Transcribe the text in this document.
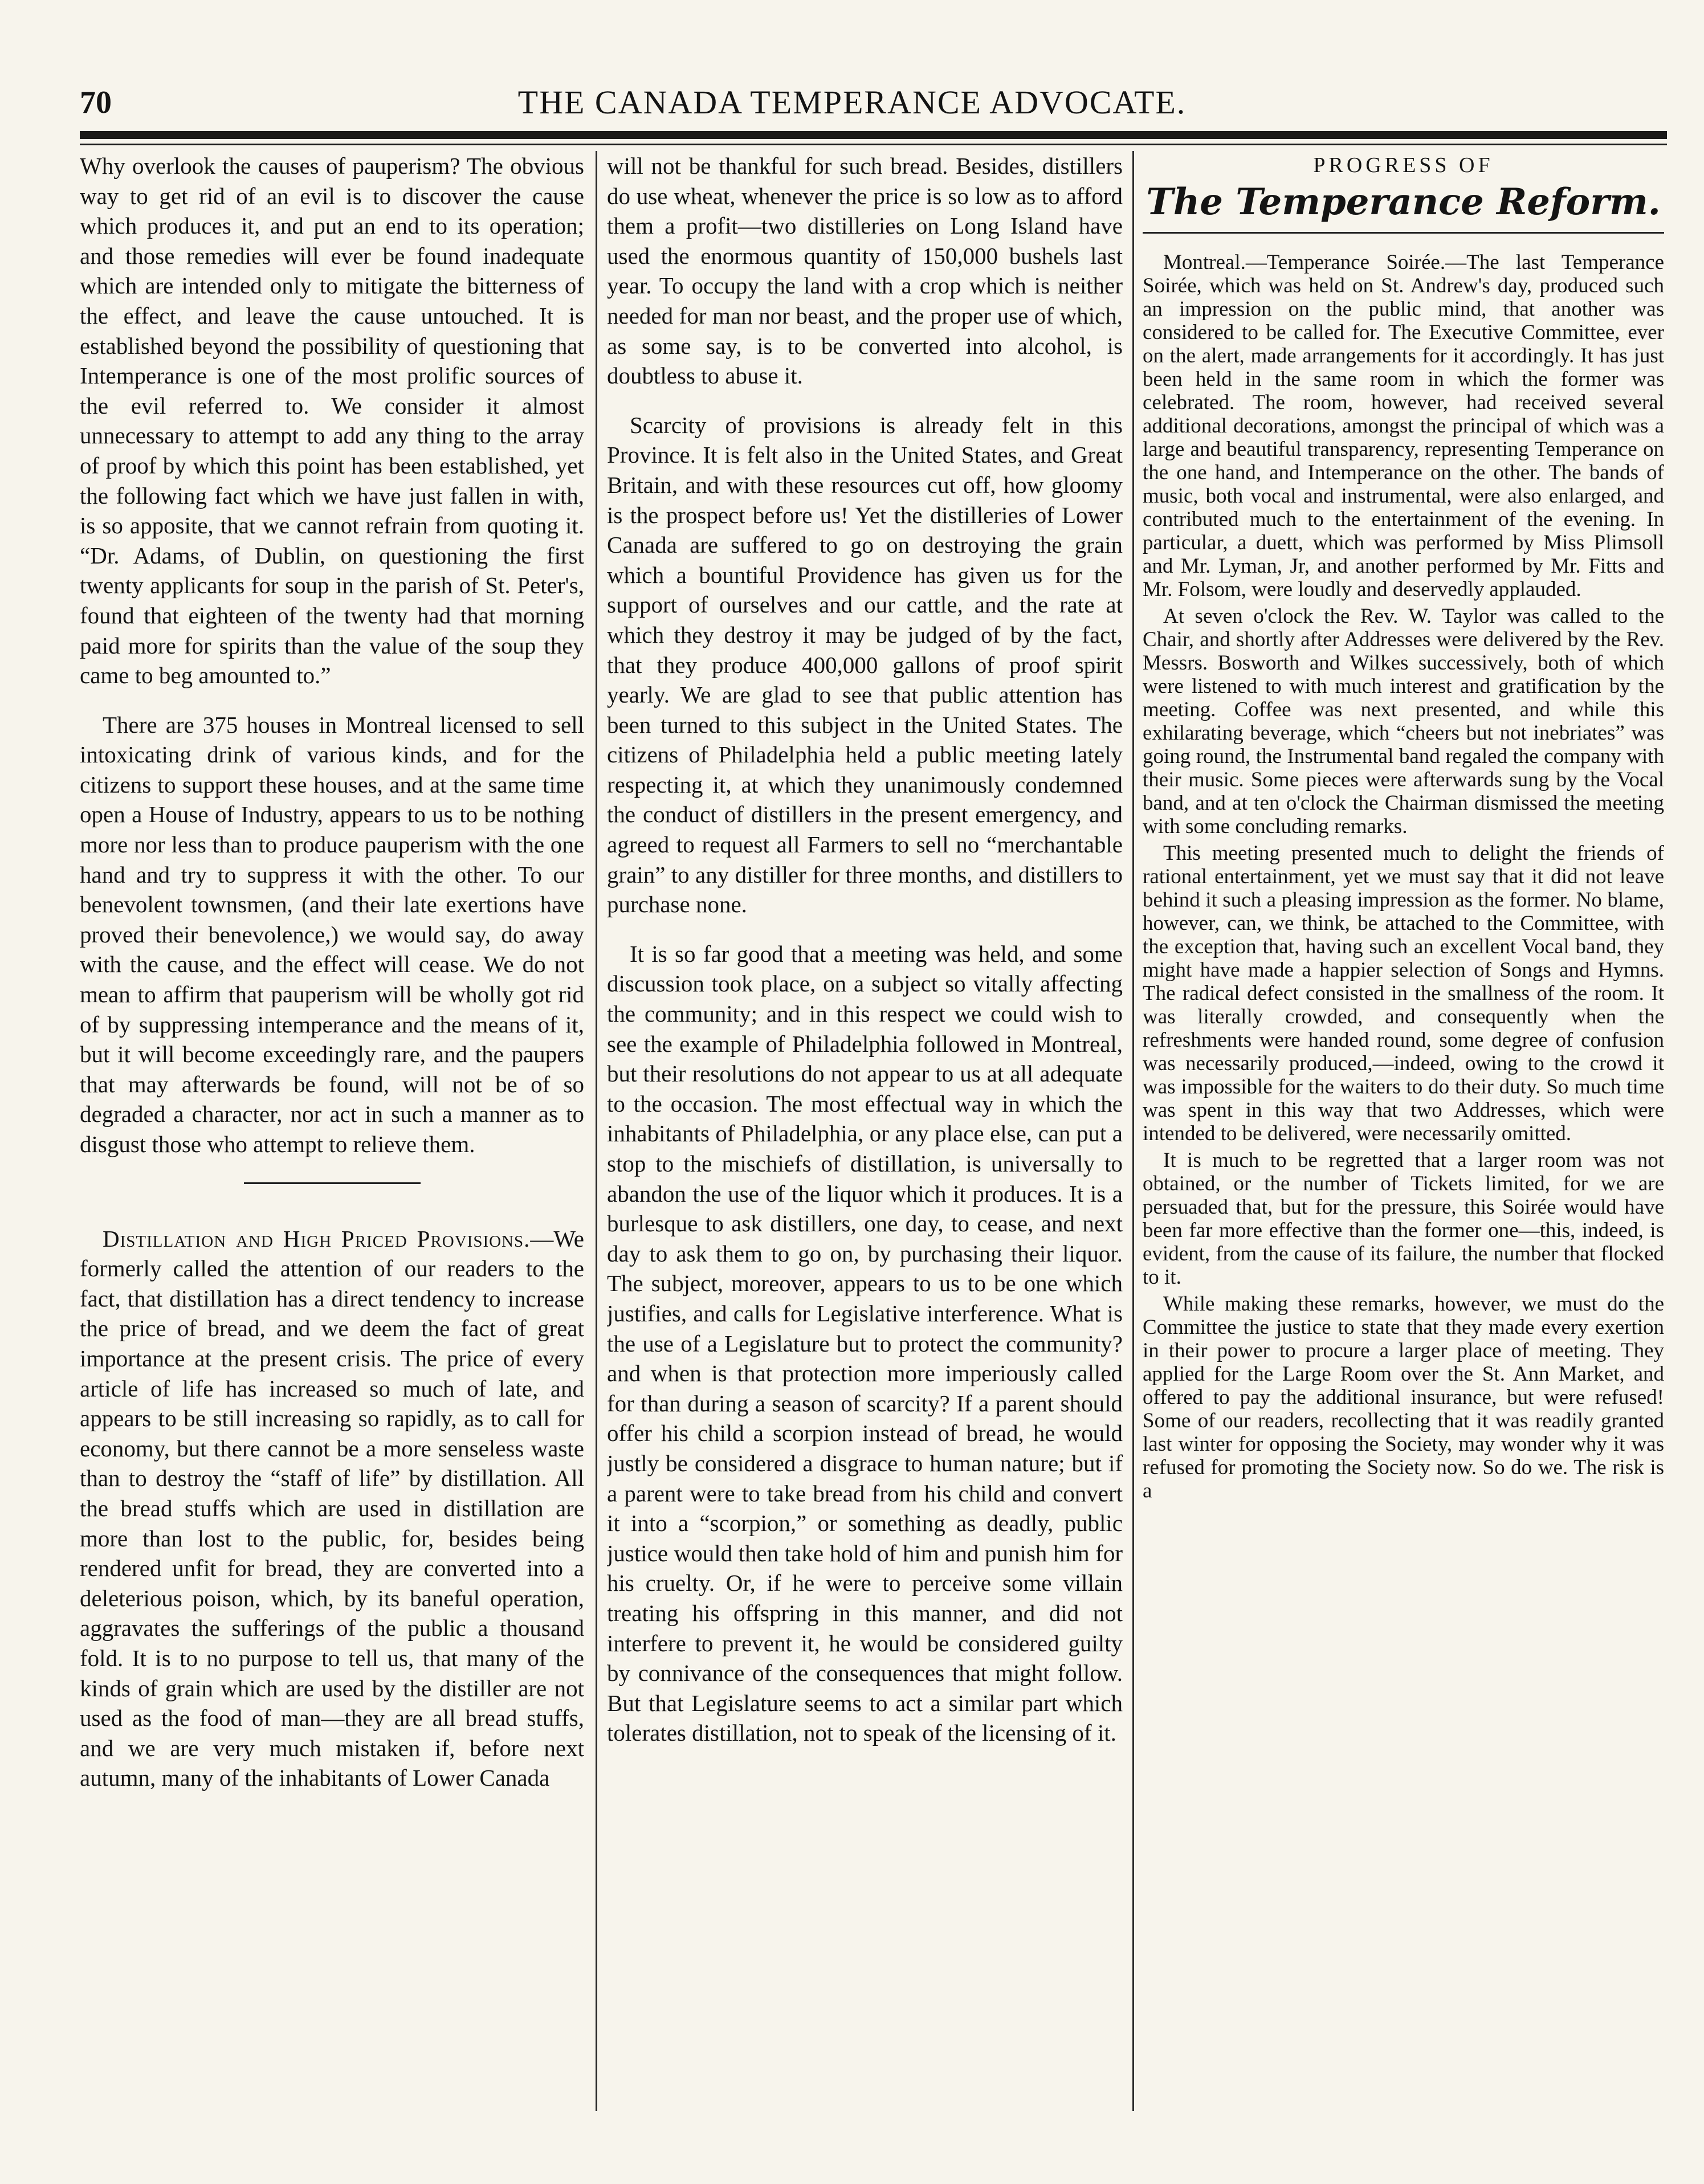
70	THE CANADA TEMPERANCE ADVOCATE.

Why overlook the causes of pauperism? The obvious way to get rid of an evil is to discover the cause which produces it, and put an end to its operation; and those remedies will ever be found inadequate which are intended only to mitigate the bitterness of the effect, and leave the cause untouched. It is established beyond the possibility of questioning that Intemperance is one of the most prolific sources of the evil referred to. We consider it almost unnecessary to attempt to add any thing to the array of proof by which this point has been established, yet the following fact which we have just fallen in with, is so apposite, that we cannot refrain from quoting it. “Dr. Adams, of Dublin, on questioning the first twenty applicants for soup in the parish of St. Peter's, found that eighteen of the twenty had that morning paid more for spirits than the value of the soup they came to beg amounted to.”

There are 375 houses in Montreal licensed to sell intoxicating drink of various kinds, and for the citizens to support these houses, and at the same time open a House of Industry, appears to us to be nothing more nor less than to produce pauperism with the one hand and try to suppress it with the other. To our benevolent townsmen, (and their late exertions have proved their benevolence,) we would say, do away with the cause, and the effect will cease. We do not mean to affirm that pauperism will be wholly got rid of by suppressing intemperance and the means of it, but it will become exceedingly rare, and the paupers that may afterwards be found, will not be of so degraded a character, nor act in such a manner as to disgust those who attempt to relieve them.

Distillation and High Priced Provisions.—We formerly called the attention of our readers to the fact, that distillation has a direct tendency to increase the price of bread, and we deem the fact of great importance at the present crisis. The price of every article of life has increased so much of late, and appears to be still increasing so rapidly, as to call for economy, but there cannot be a more senseless waste than to destroy the “staff of life” by distillation. All the bread stuffs which are used in distillation are more than lost to the public, for, besides being rendered unfit for bread, they are converted into a deleterious poison, which, by its baneful operation, aggravates the sufferings of the public a thousand fold. It is to no purpose to tell us, that many of the kinds of grain which are used by the distiller are not used as the food of man—they are all bread stuffs, and we are very much mistaken if, before next autumn, many of the inhabitants of Lower Canada

will not be thankful for such bread. Besides, distillers do use wheat, whenever the price is so low as to afford them a profit—two distilleries on Long Island have used the enormous quantity of 150,000 bushels last year. To occupy the land with a crop which is neither needed for man nor beast, and the proper use of which, as some say, is to be converted into alcohol, is doubtless to abuse it.

Scarcity of provisions is already felt in this Province. It is felt also in the United States, and Great Britain, and with these resources cut off, how gloomy is the prospect before us! Yet the distilleries of Lower Canada are suffered to go on destroying the grain which a bountiful Providence has given us for the support of ourselves and our cattle, and the rate at which they destroy it may be judged of by the fact, that they produce 400,000 gallons of proof spirit yearly. We are glad to see that public attention has been turned to this subject in the United States. The citizens of Philadelphia held a public meeting lately respecting it, at which they unanimously condemned the conduct of distillers in the present emergency, and agreed to request all Farmers to sell no “merchantable grain” to any distiller for three months, and distillers to purchase none.

It is so far good that a meeting was held, and some discussion took place, on a subject so vitally affecting the community; and in this respect we could wish to see the example of Philadelphia followed in Montreal, but their resolutions do not appear to us at all adequate to the occasion. The most effectual way in which the inhabitants of Philadelphia, or any place else, can put a stop to the mischiefs of distillation, is universally to abandon the use of the liquor which it produces. It is a burlesque to ask distillers, one day, to cease, and next day to ask them to go on, by purchasing their liquor. The subject, moreover, appears to us to be one which justifies, and calls for Legislative interference. What is the use of a Legislature but to protect the community? and when is that protection more imperiously called for than during a season of scarcity? If a parent should offer his child a scorpion instead of bread, he would justly be considered a disgrace to human nature; but if a parent were to take bread from his child and convert it into a “scorpion,” or something as deadly, public justice would then take hold of him and punish him for his cruelty. Or, if he were to perceive some villain treating his offspring in this manner, and did not interfere to prevent it, he would be considered guilty by connivance of the consequences that might follow. But that Legislature seems to act a similar part which tolerates distillation, not to speak of the licensing of it.

PROGRESS OF
The Temperance Reform.

Montreal.—Temperance Soirée.—The last Temperance Soirée, which was held on St. Andrew's day, produced such an impression on the public mind, that another was considered to be called for. The Executive Committee, ever on the alert, made arrangements for it accordingly. It has just been held in the same room in which the former was celebrated. The room, however, had received several additional decorations, amongst the principal of which was a large and beautiful transparency, representing Temperance on the one hand, and Intemperance on the other. The bands of music, both vocal and instrumental, were also enlarged, and contributed much to the entertainment of the evening. In particular, a duett, which was performed by Miss Plimsoll and Mr. Lyman, Jr, and another performed by Mr. Fitts and Mr. Folsom, were loudly and deservedly applauded.

At seven o'clock the Rev. W. Taylor was called to the Chair, and shortly after Addresses were delivered by the Rev. Messrs. Bosworth and Wilkes successively, both of which were listened to with much interest and gratification by the meeting. Coffee was next presented, and while this exhilarating beverage, which “cheers but not inebriates” was going round, the Instrumental band regaled the company with their music. Some pieces were afterwards sung by the Vocal band, and at ten o'clock the Chairman dismissed the meeting with some concluding remarks.

This meeting presented much to delight the friends of rational entertainment, yet we must say that it did not leave behind it such a pleasing impression as the former. No blame, however, can, we think, be attached to the Committee, with the exception that, having such an excellent Vocal band, they might have made a happier selection of Songs and Hymns. The radical defect consisted in the smallness of the room. It was literally crowded, and consequently when the refreshments were handed round, some degree of confusion was necessarily produced,—indeed, owing to the crowd it was impossible for the waiters to do their duty. So much time was spent in this way that two Addresses, which were intended to be delivered, were necessarily omitted.

It is much to be regretted that a larger room was not obtained, or the number of Tickets limited, for we are persuaded that, but for the pressure, this Soirée would have been far more effective than the former one—this, indeed, is evident, from the cause of its failure, the number that flocked to it.

While making these remarks, however, we must do the Committee the justice to state that they made every exertion in their power to procure a larger place of meeting. They applied for the Large Room over the St. Ann Market, and offered to pay the additional insurance, but were refused! Some of our readers, recollecting that it was readily granted last winter for opposing the Society, may wonder why it was refused for promoting the Society now. So do we. The risk is a
